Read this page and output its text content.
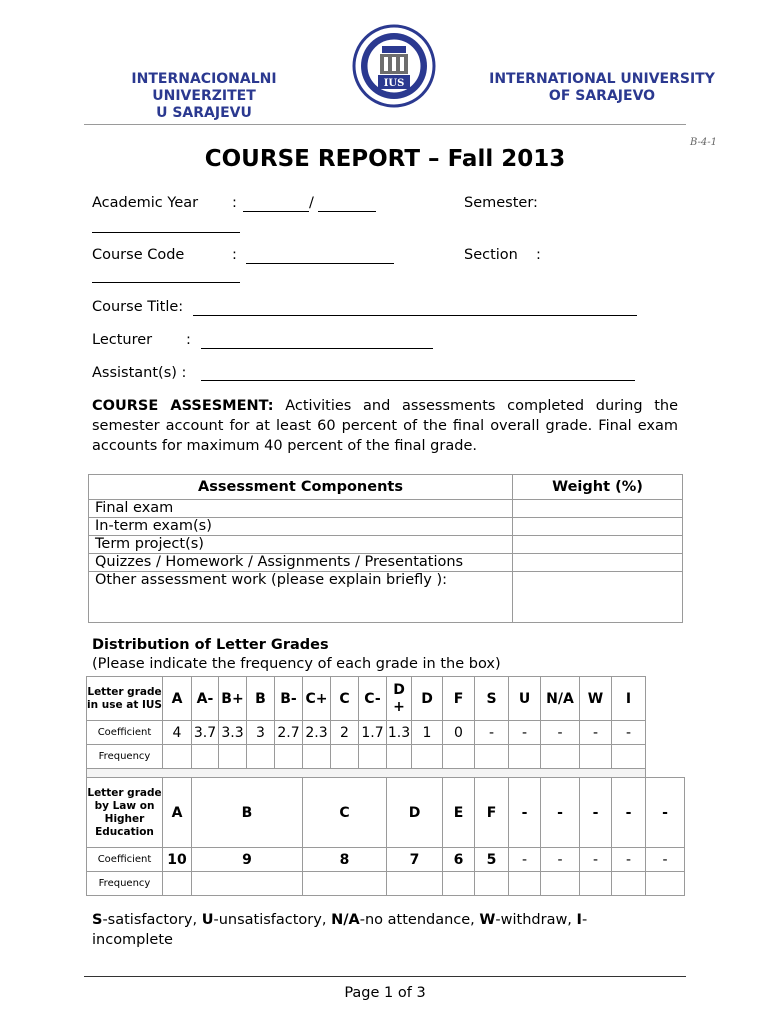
INTERNACIONALNI UNIVERZITET
U SARAJEVU
IUS	INTERNATIONAL UNIVERSITY
OF SARAJEVO
B-4-1
COURSE REPORT – Fall 2013
Academic Year :	/	Semester:
Course Code	:	Section :
Course Title:
Lecturer :
Assistant(s) :
COURSE ASSESMENT: Activities and assessments completed during the semester account for at least 60 percent of the final overall grade. Final exam accounts for maximum 40 percent of the final grade.
Assessment Components	Weight (%)
Final exam	
In-term exam(s)	
Term project(s)	
Quizzes / Homework / Assignments / Presentations	
Other assessment work (please explain briefly ):	
Distribution of Letter Grades
(Please indicate the frequency of each grade in the box)
Letter grade in use at IUS	A	A-	B+	B	B-	C+	C	C-	D +	D	F	S	U	N/A	W	I	
Coefficient	4	3.7	3.3	3	2.7	2.3	2	1.7	1.3	1	0	-	-	-	-	-	
Frequency																	

Letter grade by Law on Higher Education	A	B				C			D		E	F	-	-	-	-	-
Coefficient	10	9				8			7		6	5	-	-	-	-	-
Frequency																	
S-satisfactory, U-unsatisfactory, N/A-no attendance, W-withdraw, I-incomplete
Page 1 of 3
